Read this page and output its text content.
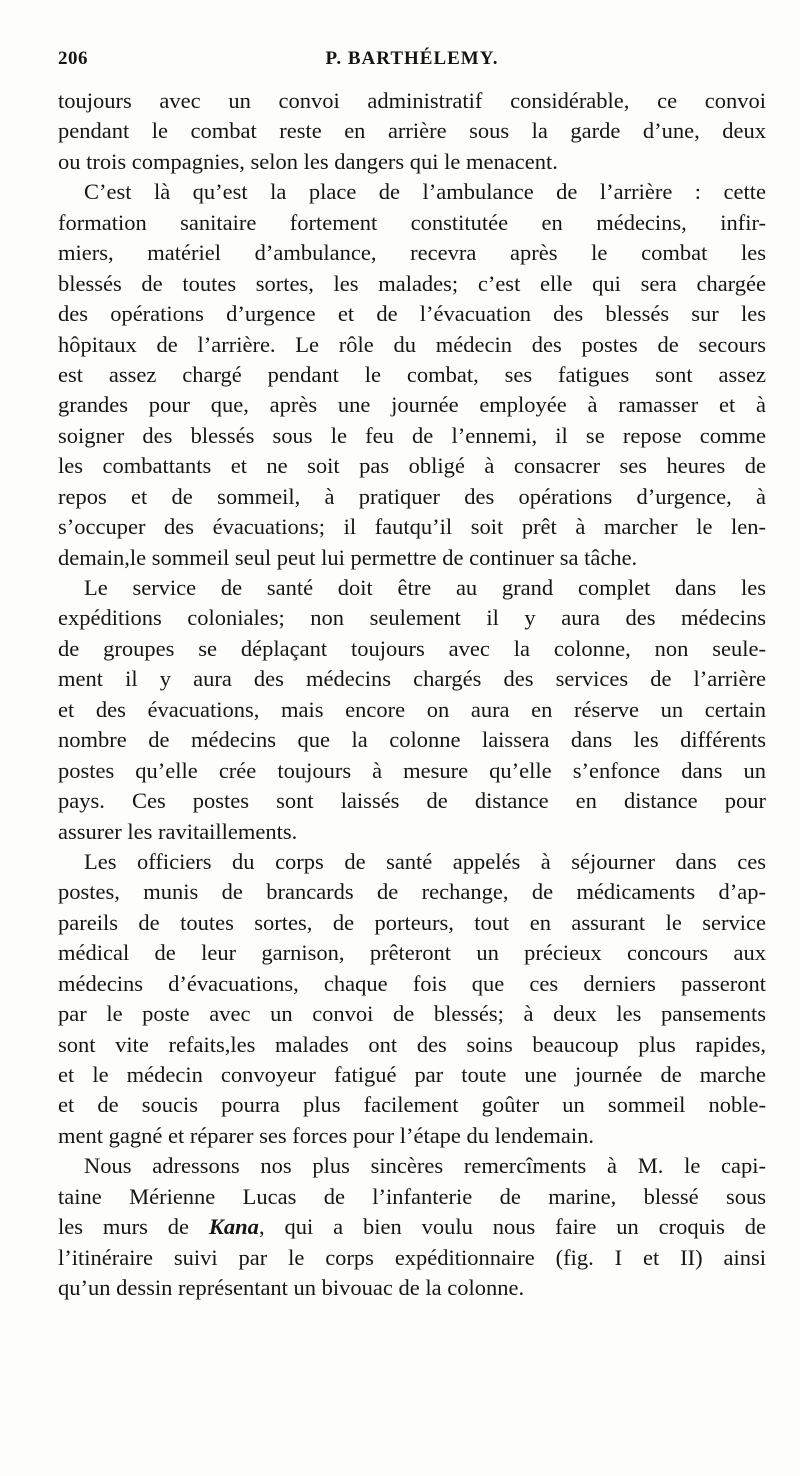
206	P. BARTHÉLEMY.
toujours avec un convoi administratif considérable, ce convoi
pendant le combat reste en arrière sous la garde d’une, deux
ou trois compagnies, selon les dangers qui le menacent.
C’est là qu’est la place de l’ambulance de l’arrière : cette
formation sanitaire fortement constitutée en médecins, infir-
miers, matériel d’ambulance, recevra après le combat les
blessés de toutes sortes, les malades; c’est elle qui sera chargée
des opérations d’urgence et de l’évacuation des blessés sur les
hôpitaux de l’arrière. Le rôle du médecin des postes de secours
est assez chargé pendant le combat, ses fatigues sont assez
grandes pour que, après une journée employée à ramasser et à
soigner des blessés sous le feu de l’ennemi, il se repose comme
les combattants et ne soit pas obligé à consacrer ses heures de
repos et de sommeil, à pratiquer des opérations d’urgence, à
s’occuper des évacuations; il fautqu’il soit prêt à marcher le len-
demain,le sommeil seul peut lui permettre de continuer sa tâche.
Le service de santé doit être au grand complet dans les
expéditions coloniales; non seulement il y aura des médecins
de groupes se déplaçant toujours avec la colonne, non seule-
ment il y aura des médecins chargés des services de l’arrière
et des évacuations, mais encore on aura en réserve un certain
nombre de médecins que la colonne laissera dans les différents
postes qu’elle crée toujours à mesure qu’elle s’enfonce dans un
pays. Ces postes sont laissés de distance en distance pour
assurer les ravitaillements.
Les officiers du corps de santé appelés à séjourner dans ces
postes, munis de brancards de rechange, de médicaments d’ap-
pareils de toutes sortes, de porteurs, tout en assurant le service
médical de leur garnison, prêteront un précieux concours aux
médecins d’évacuations, chaque fois que ces derniers passeront
par le poste avec un convoi de blessés; à deux les pansements
sont vite refaits,les malades ont des soins beaucoup plus rapides,
et le médecin convoyeur fatigué par toute une journée de marche
et de soucis pourra plus facilement goûter un sommeil noble-
ment gagné et réparer ses forces pour l’étape du lendemain.
Nous adressons nos plus sincères remercîments à M. le capi-
taine Mérienne Lucas de l’infanterie de marine, blessé sous
les murs de Kana, qui a bien voulu nous faire un croquis de
l’itinéraire suivi par le corps expéditionnaire (fig. I et II) ainsi
qu’un dessin représentant un bivouac de la colonne.
